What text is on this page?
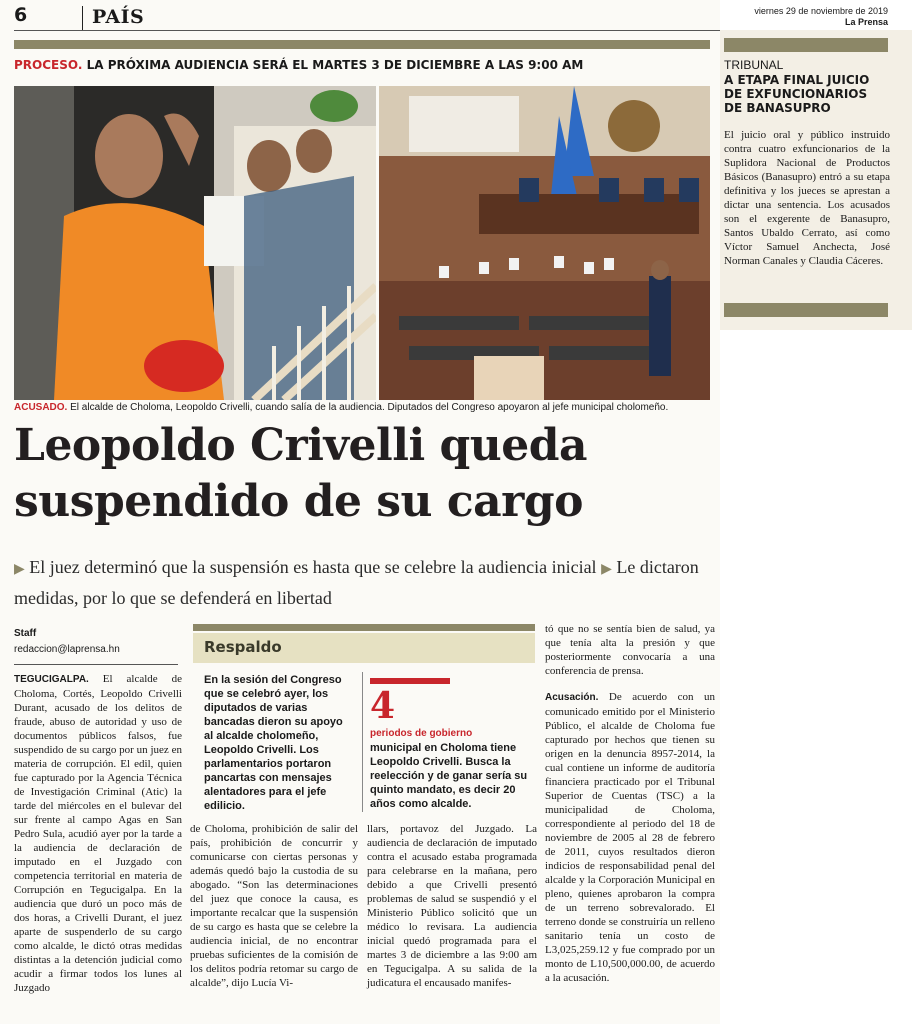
6	PAÍS	viernes 29 de noviembre de 2019
La Prensa
PROCESO. LA PRÓXIMA AUDIENCIA SERÁ EL MARTES 3 DE DICIEMBRE A LAS 9:00 AM
ACUSADO. El alcalde de Choloma, Leopoldo Crivelli, cuando salía de la audiencia. Diputados del Congreso apoyaron al jefe municipal cholomeño.
Leopoldo Crivelli queda suspendido de su cargo
▶ El juez determinó que la suspensión es hasta que se celebre la audiencia inicial ▶ Le dictaron medidas, por lo que se defenderá en libertad
Staff
redaccion@laprensa.hn
TEGUCIGALPA. El alcalde de Choloma, Cortés, Leopoldo Crivelli Durant, acusado de los delitos de fraude, abuso de autoridad y uso de documentos públicos falsos, fue suspendido de su cargo por un juez en materia de corrupción. El edil, quien fue capturado por la Agencia Técnica de Investigación Criminal (Atic) la tarde del miércoles en el bulevar del sur frente al campo Agas en San Pedro Sula, acudió ayer por la tarde a la audiencia de declaración de imputado en el Juzgado con competencia territorial en materia de Corrupción en Tegucigalpa. En la audiencia que duró un poco más de dos horas, a Crivelli Durant, el juez aparte de suspenderlo de su cargo como alcalde, le dictó otras medidas distintas a la detención judicial como acudir a firmar todos los lunes al Juzgado
Respaldo
En la sesión del Congreso que se celebró ayer, los diputados de varias bancadas dieron su apoyo al alcalde cholomeño, Leopoldo Crivelli. Los parlamentarios portaron pancartas con mensajes alentadores para el jefe edilicio.
4
periodos de gobierno
municipal en Choloma tiene Leopoldo Crivelli. Busca la reelección y de ganar sería su quinto mandato, es decir 20 años como alcalde.
de Choloma, prohibición de salir del país, prohibición de concurrir y comunicarse con ciertas personas y además quedó bajo la custodia de su abogado. “Son las determinaciones del juez que conoce la causa, es importante recalcar que la suspensión de su cargo es hasta que se celebre la audiencia inicial, de no encontrar pruebas suficientes de la comisión de los delitos podría retomar su cargo de alcalde”, dijo Lucía Vi-
llars, portavoz del Juzgado. La audiencia de declaración de imputado contra el acusado estaba programada para celebrarse en la mañana, pero debido a que Crivelli presentó problemas de salud se suspendió y el Ministerio Público solicitó que un médico lo revisara. La audiencia inicial quedó programada para el martes 3 de diciembre a las 9:00 am en Tegucigalpa. A su salida de la judicatura el encausado manifes-
tó que no se sentía bien de salud, ya que tenía alta la presión y que posteriormente convocaría a una conferencia de prensa.
Acusación. De acuerdo con un comunicado emitido por el Ministerio Público, el alcalde de Choloma fue capturado por hechos que tienen su origen en la denuncia 8957-2014, la cual contiene un informe de auditoría financiera practicado por el Tribunal Superior de Cuentas (TSC) a la municipalidad de Choloma, correspondiente al periodo del 18 de noviembre de 2005 al 28 de febrero de 2011, cuyos resultados dieron indicios de responsabilidad penal del alcalde y la Corporación Municipal en pleno, quienes aprobaron la compra de un terreno sobrevalorado. El terreno donde se construiría un relleno sanitario tenía un costo de L3,025,259.12 y fue comprado por un monto de L10,500,000.00, de acuerdo a la acusación.
TRIBUNAL
A ETAPA FINAL JUICIO DE EXFUNCIONARIOS DE BANASUPRO
El juicio oral y público instruido contra cuatro exfuncionarios de la Suplidora Nacional de Productos Básicos (Banasupro) entró a su etapa definitiva y los jueces se aprestan a dictar una sentencia. Los acusados son el exgerente de Banasupro, Santos Ubaldo Cerrato, así como Víctor Samuel Anchecta, José Norman Canales y Claudia Cáceres.
